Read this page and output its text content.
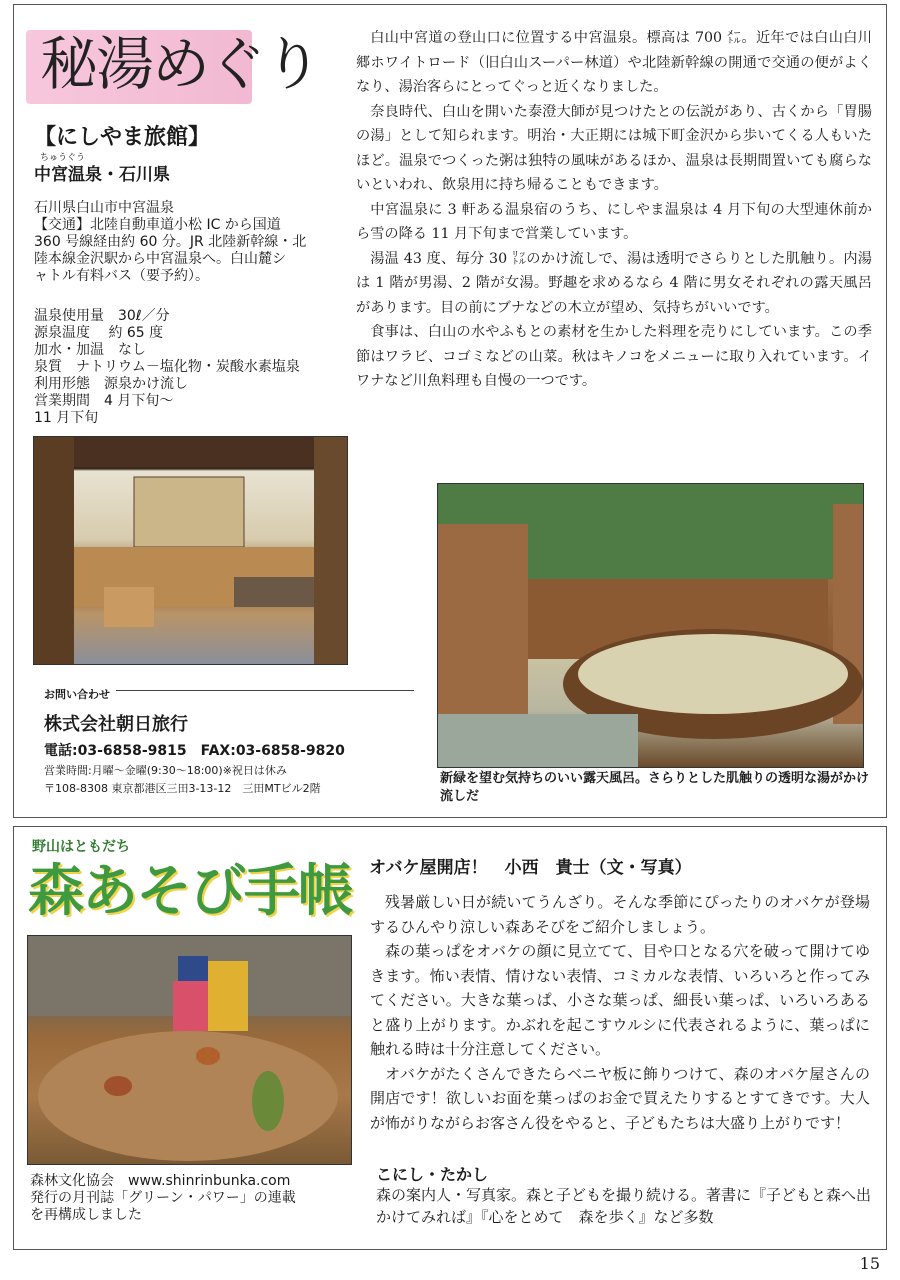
秘湯めぐり
【にしやま旅館】
ちゅうぐう
中宮温泉・石川県
石川県白山市中宮温泉
【交通】北陸自動車道小松 IC から国道
360 号線経由約 60 分。JR 北陸新幹線・北
陸本線金沢駅から中宮温泉へ。白山麓シ
ャトル有料バス（要予約）。
温泉使用量　30ℓ／分
源泉温度　 約 65 度
加水・加温　なし
泉質　ナトリウム－塩化物・炭酸水素塩泉
利用形態　源泉かけ流し
営業期間　4 月下旬～
11 月下旬
お問い合わせ
株式会社朝日旅行
電話:03-6858-9815　FAX:03-6858-9820
営業時間:月曜～金曜(9:30～18:00)※祝日は休み
〒108-8308 東京都港区三田3-13-12　三田MTビル2階

白山中宮道の登山口に位置する中宮温泉。標高は 700 ㍍。近年では白山白川郷ホワイトロード（旧白山スーパー林道）や北陸新幹線の開通で交通の便がよくなり、湯治客らにとってぐっと近くなりました。

奈良時代、白山を開いた泰澄大師が見つけたとの伝説があり、古くから「胃腸の湯」として知られます。明治・大正期には城下町金沢から歩いてくる人もいたほど。温泉でつくった粥は独特の風味があるほか、温泉は長期間置いても腐らないといわれ、飲泉用に持ち帰ることもできます。

中宮温泉に 3 軒ある温泉宿のうち、にしやま温泉は 4 月下旬の大型連休前から雪の降る 11 月下旬まで営業しています。

湯温 43 度、毎分 30 ㍑のかけ流しで、湯は透明でさらりとした肌触り。内湯は 1 階が男湯、2 階が女湯。野趣を求めるなら 4 階に男女それぞれの露天風呂があります。目の前にブナなどの木立が望め、気持ちがいいです。

食事は、白山の水やふもとの素材を生かした料理を売りにしています。この季節はワラビ、コゴミなどの山菜。秋はキノコをメニューに取り入れています。イワナなど川魚料理も自慢の一つです。

新緑を望む気持ちのいい露天風呂。さらりとした肌触りの透明な湯がかけ流しだ
野山はともだち
森あそび手帳
森林文化協会　www.shinrinbunka.com
発行の月刊誌「グリーン・パワー」の連載
を再構成しました
オバケ屋開店！　小西　貴士（文・写真）

残暑厳しい日が続いてうんざり。そんな季節にぴったりのオバケが登場するひんやり涼しい森あそびをご紹介しましょう。

森の葉っぱをオバケの顔に見立てて、目や口となる穴を破って開けてゆきます。怖い表情、情けない表情、コミカルな表情、いろいろと作ってみてください。大きな葉っぱ、小さな葉っぱ、細長い葉っぱ、いろいろあると盛り上がります。かぶれを起こすウルシに代表されるように、葉っぱに触れる時は十分注意してください。

オバケがたくさんできたらベニヤ板に飾りつけて、森のオバケ屋さんの開店です！欲しいお面を葉っぱのお金で買えたりするとすてきです。大人が怖がりながらお客さん役をやると、子どもたちは大盛り上がりです！

こにし・たかし
森の案内人・写真家。森と子どもを撮り続ける。著書に『子どもと森へ出かけてみれば』『心をとめて　森を歩く』など多数
15
